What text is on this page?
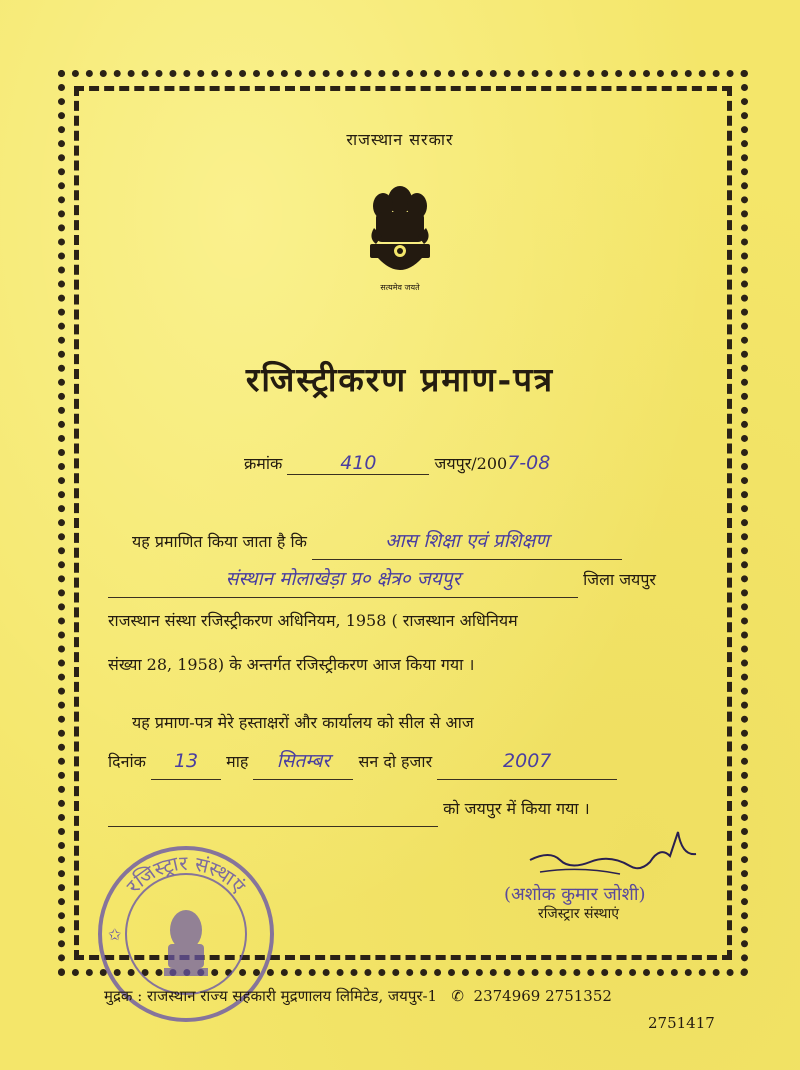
राजस्थान सरकार
सत्यमेव जयते
रजिस्ट्रीकरण प्रमाण-पत्र
क्रमांक	410	जयपुर/2007-08
यह प्रमाणित किया जाता है कि	आस शिक्षा एवं प्रशिक्षण
संस्थान मोलाखेड़ा प्र० क्षेत्र० जयपुर	जिला जयपुर
राजस्थान संस्था रजिस्ट्रीकरण अधिनियम, 1958 ( राजस्थान अधिनियम
संख्या 28, 1958) के अन्तर्गत रजिस्ट्रीकरण आज किया गया ।
यह प्रमाण-पत्र मेरे हस्ताक्षरों और कार्यालय को सील से आज
दिनांक 13 माह सितम्बर सन दो हजार	2007
को जयपुर में किया गया ।
(अशोक कुमार जोशी)
रजिस्ट्रार संस्थाएं
रजिस्ट्रार संस्थाएं
✩
मुद्रक : राजस्थान राज्य सहकारी मुद्रणालय लिमिटेड, जयपुर-1 ✆ 2374969 2751352
2751417
